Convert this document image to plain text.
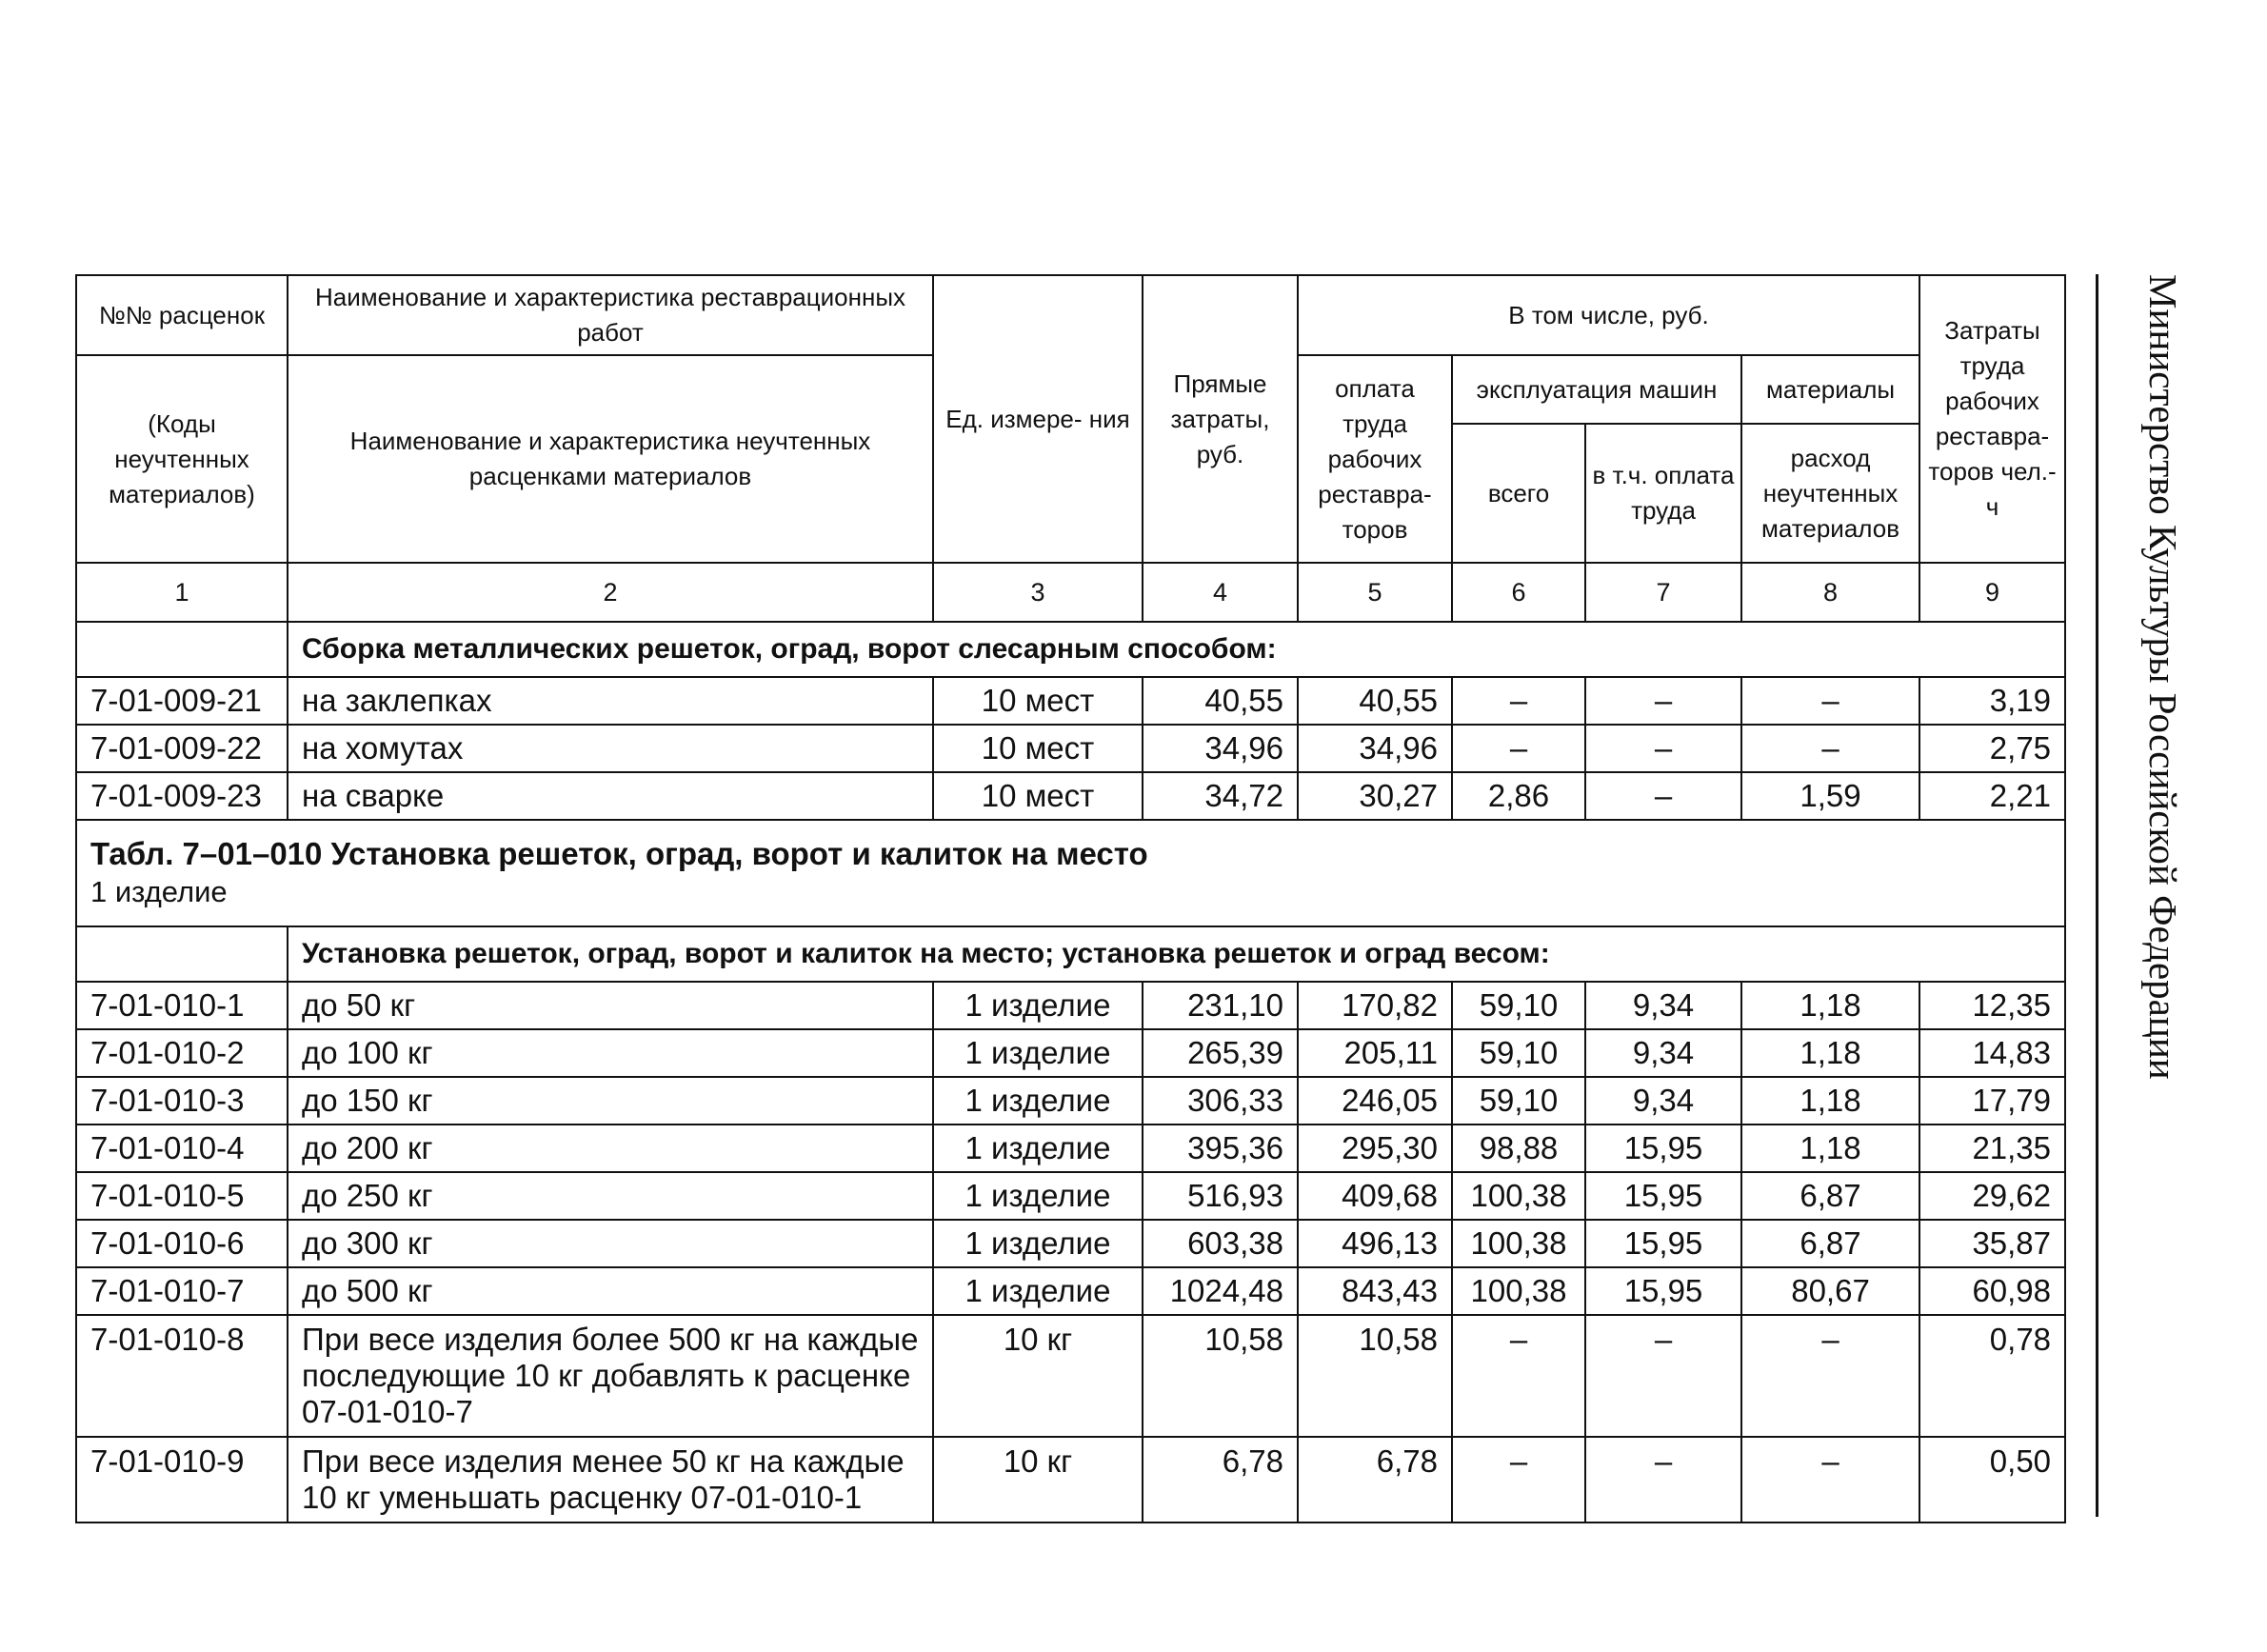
Министерство Культуры Российской Федерации
№№ расценок	Наименование и характеристика реставрационных работ	Ед. измере- ния	Прямые затраты, руб.	В том числе, руб.				Затраты труда рабочих реставра- торов чел.-ч
(Коды неучтенных материалов)	Наименование и характеристика неучтенных расценками материалов			оплата труда рабочих реставра- торов	эксплуатация машин		материалы	
					всего	в т.ч. оплата труда	расход неучтенных материалов	
1	2	3	4	5	6	7	8	9
	Сборка металлических решеток, оград, ворот слесарным способом:							
7-01-009-21	на заклепках	10 мест	40,55	40,55	–	–	–	3,19
7-01-009-22	на хомутах	10 мест	34,96	34,96	–	–	–	2,75
7-01-009-23	на сварке	10 мест	34,72	30,27	2,86	–	1,59	2,21

Табл. 7–01–010 Установка решеток, оград, ворот и калиток на место
1 изделие								

	Установка решеток, оград, ворот и калиток на место; установка решеток и оград весом:							
7-01-010-1	до 50 кг	1 изделие	231,10	170,82	59,10	9,34	1,18	12,35
7-01-010-2	до 100 кг	1 изделие	265,39	205,11	59,10	9,34	1,18	14,83
7-01-010-3	до 150 кг	1 изделие	306,33	246,05	59,10	9,34	1,18	17,79
7-01-010-4	до 200 кг	1 изделие	395,36	295,30	98,88	15,95	1,18	21,35
7-01-010-5	до 250 кг	1 изделие	516,93	409,68	100,38	15,95	6,87	29,62
7-01-010-6	до 300 кг	1 изделие	603,38	496,13	100,38	15,95	6,87	35,87
7-01-010-7	до 500 кг	1 изделие	1024,48	843,43	100,38	15,95	80,67	60,98
7-01-010-8	При весе изделия более 500 кг на каждые последующие 10 кг добавлять к расценке 07-01-010-7	10 кг	10,58	10,58	–	–	–	0,78
7-01-010-9	При весе изделия менее 50 кг на каждые 10 кг уменьшать расценку 07-01-010-1	10 кг	6,78	6,78	–	–	–	0,50
